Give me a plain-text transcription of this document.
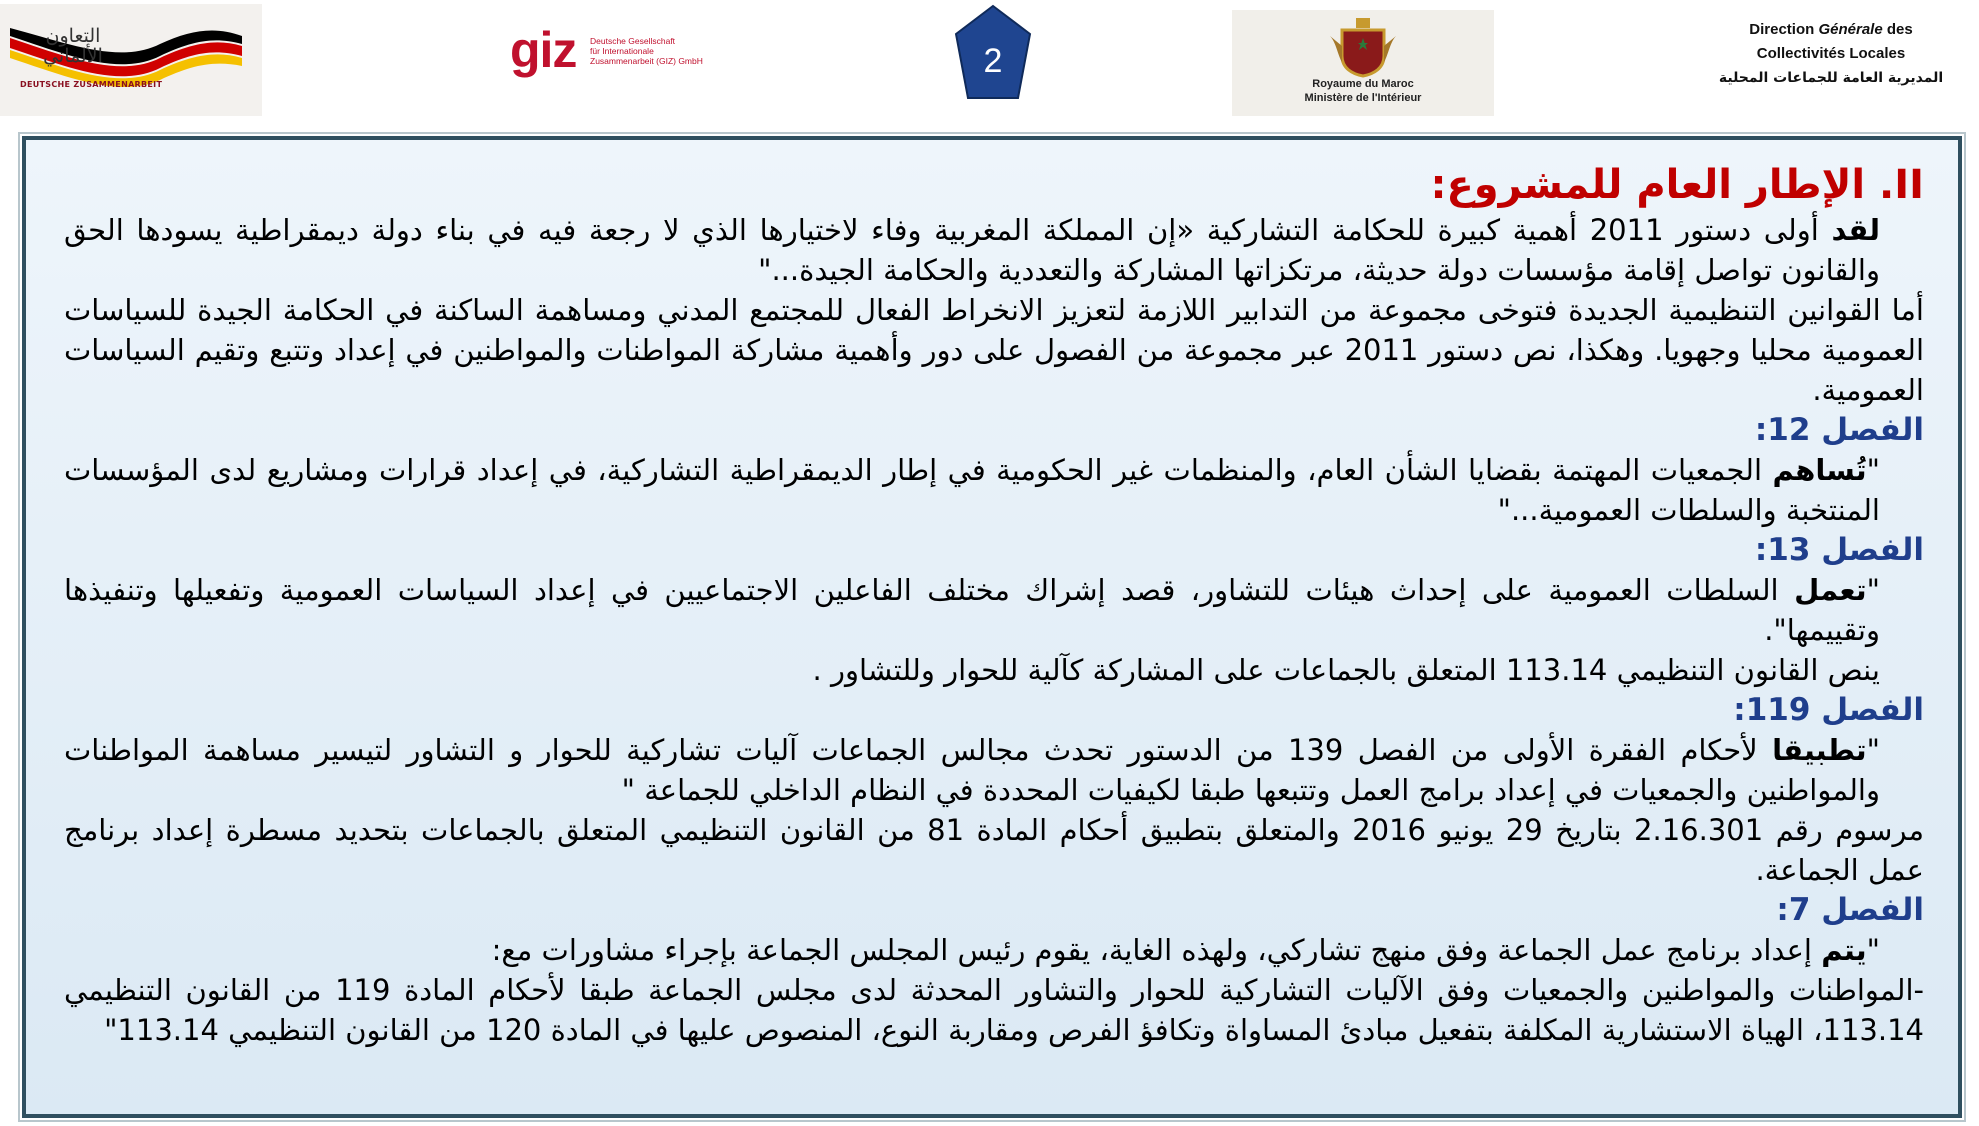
التعاون الألماني
DEUTSCHE ZUSAMMENARBEIT
giz Deutsche Gesellschaft
für Internationale
Zusammenarbeit (GIZ) GmbH	2
Royaume du Maroc
Ministère de l'Intérieur
Direction Générale des
Collectivités Locales
المديرية العامة للجماعات المحلية

II. الإطار العام للمشروع:

لقد أولى دستور 2011 أهمية كبيرة للحكامة التشاركية «إن المملكة المغربية وفاء لاختيارها الذي لا رجعة فيه في بناء دولة ديمقراطية يسودها الحق والقانون تواصل إقامة مؤسسات دولة حديثة، مرتكزاتها المشاركة والتعددية والحكامة الجيدة..."

أما القوانين التنظيمية الجديدة فتوخى مجموعة من التدابير اللازمة لتعزيز الانخراط الفعال للمجتمع المدني ومساهمة الساكنة في الحكامة الجيدة للسياسات العمومية محليا وجهويا. وهكذا، نص دستور 2011 عبر مجموعة من الفصول على دور وأهمية مشاركة المواطنات والمواطنين في إعداد وتتبع وتقيم السياسات العمومية.

الفصل 12:

"تُساهم الجمعيات المهتمة بقضايا الشأن العام، والمنظمات غير الحكومية في إطار الديمقراطية التشاركية، في إعداد قرارات ومشاريع لدى المؤسسات المنتخبة والسلطات العمومية..."

الفصل 13:

"تعمل السلطات العمومية على إحداث هيئات للتشاور، قصد إشراك مختلف الفاعلين الاجتماعيين في إعداد السياسات العمومية وتفعيلها وتنفيذها وتقييمها".

ينص القانون التنظيمي 113.14 المتعلق بالجماعات على المشاركة كآلية للحوار وللتشاور .

الفصل 119:

"تطبيقا لأحكام الفقرة الأولى من الفصل 139 من الدستور تحدث مجالس الجماعات آليات تشاركية للحوار و التشاور لتيسير مساهمة المواطنات والمواطنين والجمعيات في إعداد برامج العمل وتتبعها طبقا لكيفيات المحددة في النظام الداخلي للجماعة "

مرسوم رقم 2.16.301 بتاريخ 29 يونيو 2016 والمتعلق بتطبيق أحكام المادة 81 من القانون التنظيمي المتعلق بالجماعات بتحديد مسطرة إعداد برنامج عمل الجماعة.

الفصل 7:

"يتم إعداد برنامج عمل الجماعة وفق منهج تشاركي، ولهذه الغاية، يقوم رئيس المجلس الجماعة بإجراء مشاورات مع:

-المواطنات والمواطنين والجمعيات وفق الآليات التشاركية للحوار والتشاور المحدثة لدى مجلس الجماعة طبقا لأحكام المادة 119 من القانون التنظيمي 113.14، الهياة الاستشارية المكلفة بتفعيل مبادئ المساواة وتكافؤ الفرص ومقاربة النوع، المنصوص عليها في المادة 120 من القانون التنظيمي 113.14"
